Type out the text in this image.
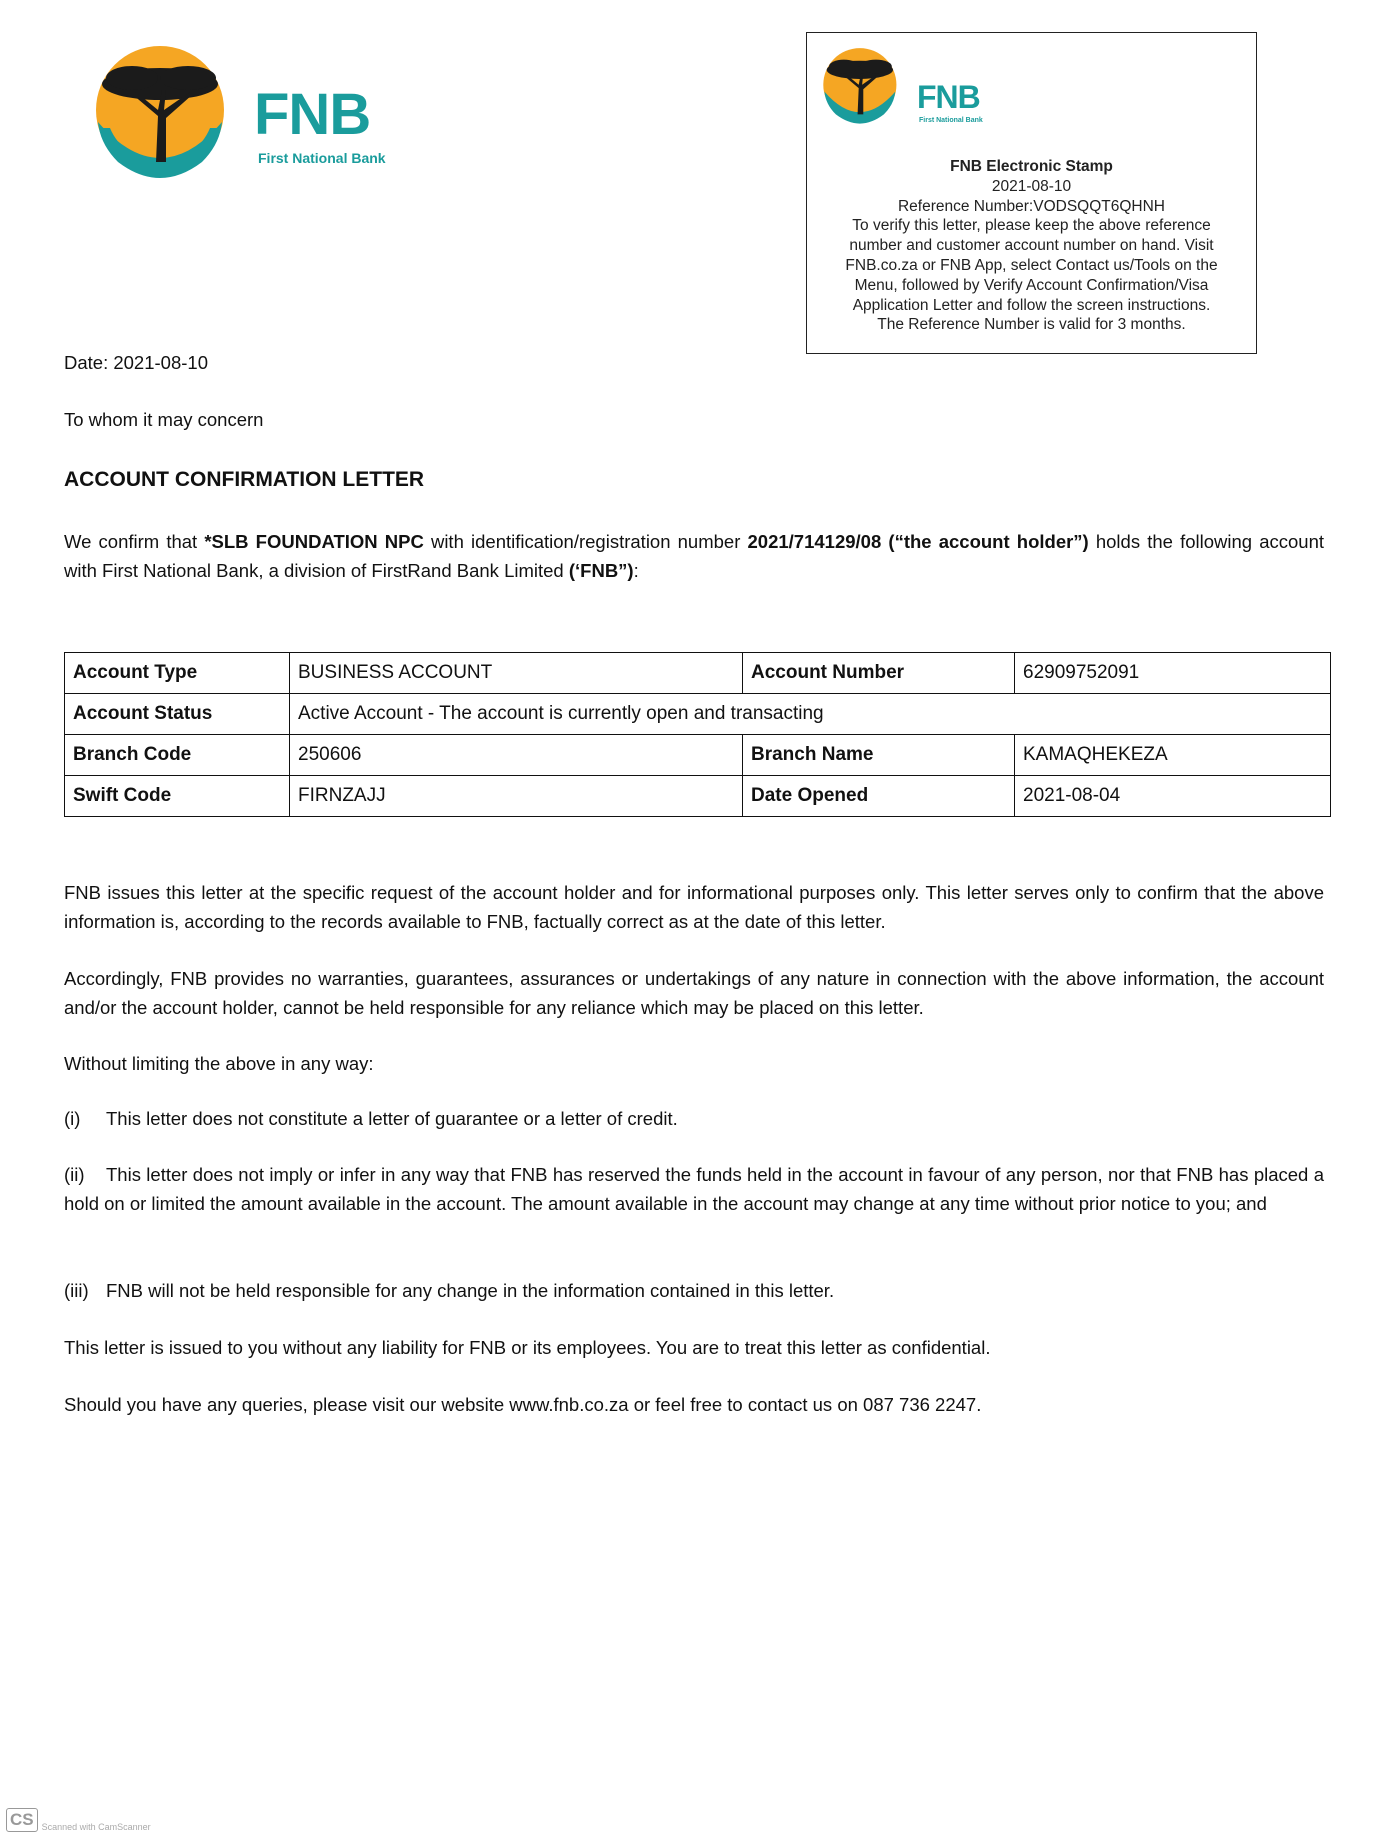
FNB
First National Bank
FNB
First National Bank
FNB Electronic Stamp
2021-08-10
Reference Number:VODSQQT6QHNH
To verify this letter, please keep the above reference
number and customer account number on hand. Visit
FNB.co.za or FNB App, select Contact us/Tools on the
Menu, followed by Verify Account Confirmation/Visa
Application Letter and follow the screen instructions.
The Reference Number is valid for 3 months.
Date: 2021-08-10
To whom it may concern
ACCOUNT CONFIRMATION LETTER
We confirm that *SLB FOUNDATION NPC with identification/registration number 2021/714129/08 (“the account holder”) holds the following account with First National Bank, a division of FirstRand Bank Limited (‘FNB”):
Account Type	BUSINESS ACCOUNT	Account Number	62909752091
Account Status	Active Account - The account is currently open and transacting		
Branch Code	250606	Branch Name	KAMAQHEKEZA
Swift Code	FIRNZAJJ	Date Opened	2021-08-04
FNB issues this letter at the specific request of the account holder and for informational purposes only. This letter serves only to confirm that the above information is, according to the records available to FNB, factually correct as at the date of this letter.
Accordingly, FNB provides no warranties, guarantees, assurances or undertakings of any nature in connection with the above information, the account and/or the account holder, cannot be held responsible for any reliance which may be placed on this letter.
Without limiting the above in any way:
(i) This letter does not constitute a letter of guarantee or a letter of credit.
(ii) This letter does not imply or infer in any way that FNB has reserved the funds held in the account in favour of any person, nor that FNB has placed a hold on or limited the amount available in the account. The amount available in the account may change at any time without prior notice to you; and
(iii) FNB will not be held responsible for any change in the information contained in this letter.
This letter is issued to you without any liability for FNB or its employees. You are to treat this letter as confidential.
Should you have any queries, please visit our website www.fnb.co.za or feel free to contact us on 087 736 2247.
CS Scanned with CamScanner
